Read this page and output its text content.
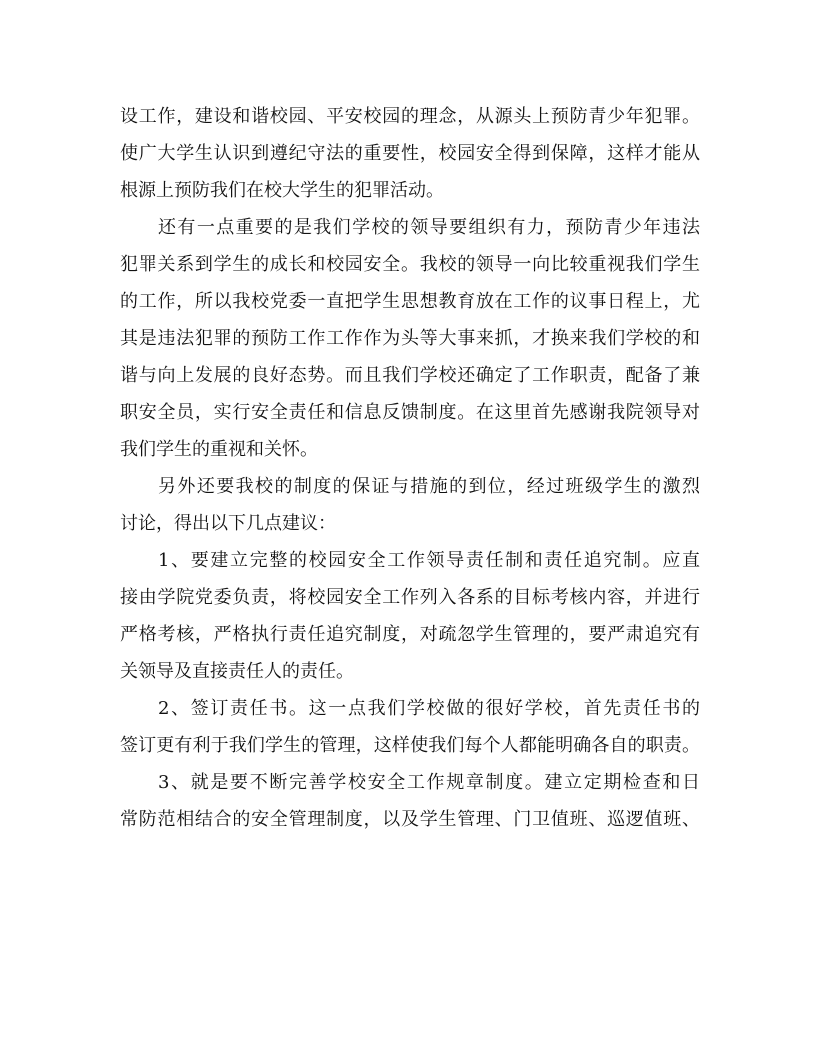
设工作，建设和谐校园、平安校园的理念，从源头上预防青少年犯罪。
使广大学生认识到遵纪守法的重要性，校园安全得到保障，这样才能从
根源上预防我们在校大学生的犯罪活动。
还有一点重要的是我们学校的领导要组织有力，预防青少年违法
犯罪关系到学生的成长和校园安全。我校的领导一向比较重视我们学生
的工作，所以我校党委一直把学生思想教育放在工作的议事日程上，尤
其是违法犯罪的预防工作工作作为头等大事来抓，才换来我们学校的和
谐与向上发展的良好态势。而且我们学校还确定了工作职责，配备了兼
职安全员，实行安全责任和信息反馈制度。在这里首先感谢我院领导对
我们学生的重视和关怀。
另外还要我校的制度的保证与措施的到位，经过班级学生的激烈
讨论，得出以下几点建议：
1、要建立完整的校园安全工作领导责任制和责任追究制。应直
接由学院党委负责，将校园安全工作列入各系的目标考核内容，并进行
严格考核，严格执行责任追究制度，对疏忽学生管理的，要严肃追究有
关领导及直接责任人的责任。
2、签订责任书。这一点我们学校做的很好学校，首先责任书的
签订更有利于我们学生的管理，这样使我们每个人都能明确各自的职责。
3、就是要不断完善学校安全工作规章制度。建立定期检查和日
常防范相结合的安全管理制度，以及学生管理、门卫值班、巡逻值班、
